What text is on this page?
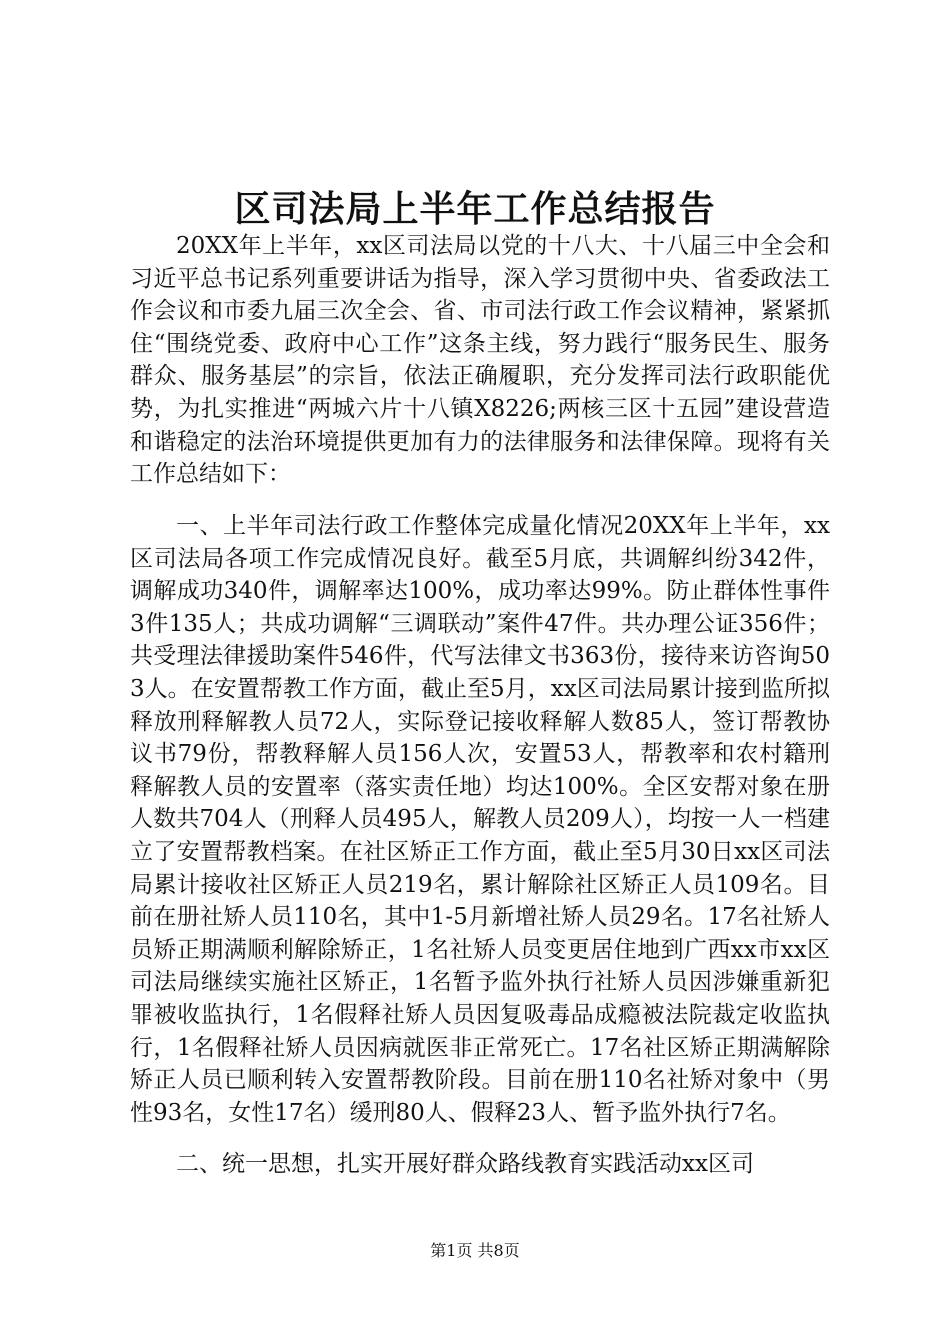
区司法局上半年工作总结报告

20XX年上半年，xx区司法局以党的十八大、十八届三中全会和习近平总书记系列重要讲话为指导，深入学习贯彻中央、省委政法工作会议和市委九届三次全会、省、市司法行政工作会议精神，紧紧抓住“围绕党委、政府中心工作”这条主线，努力践行“服务民生、服务群众、服务基层”的宗旨，依法正确履职，充分发挥司法行政职能优势，为扎实推进“两城六片十八镇X8226;两核三区十五园”建设营造和谐稳定的法治环境提供更加有力的法律服务和法律保障。现将有关工作总结如下：

一、上半年司法行政工作整体完成量化情况20XX年上半年，xx区司法局各项工作完成情况良好。截至5月底，共调解纠纷342件，调解成功340件，调解率达100%，成功率达99%。防止群体性事件3件135人；共成功调解“三调联动”案件47件。共办理公证356件；共受理法律援助案件546件，代写法律文书363份，接待来访咨询503人。在安置帮教工作方面，截止至5月，xx区司法局累计接到监所拟释放刑释解教人员72人，实际登记接收释解人数85人，签订帮教协议书79份，帮教释解人员156人次，安置53人，帮教率和农村籍刑释解教人员的安置率（落实责任地）均达100%。全区安帮对象在册人数共704人（刑释人员495人，解教人员209人），均按一人一档建立了安置帮教档案。在社区矫正工作方面，截止至5月30日xx区司法局累计接收社区矫正人员219名，累计解除社区矫正人员109名。目前在册社矫人员110名，其中1-5月新增社矫人员29名。17名社矫人员矫正期满顺利解除矫正，1名社矫人员变更居住地到广西xx市xx区司法局继续实施社区矫正，1名暂予监外执行社矫人员因涉嫌重新犯罪被收监执行，1名假释社矫人员因复吸毒品成瘾被法院裁定收监执行，1名假释社矫人员因病就医非正常死亡。17名社区矫正期满解除矫正人员已顺利转入安置帮教阶段。目前在册110名社矫对象中（男性93名，女性17名）缓刑80人、假释23人、暂予监外执行7名。

二、统一思想，扎实开展好群众路线教育实践活动xx区司

第1页 共8页
